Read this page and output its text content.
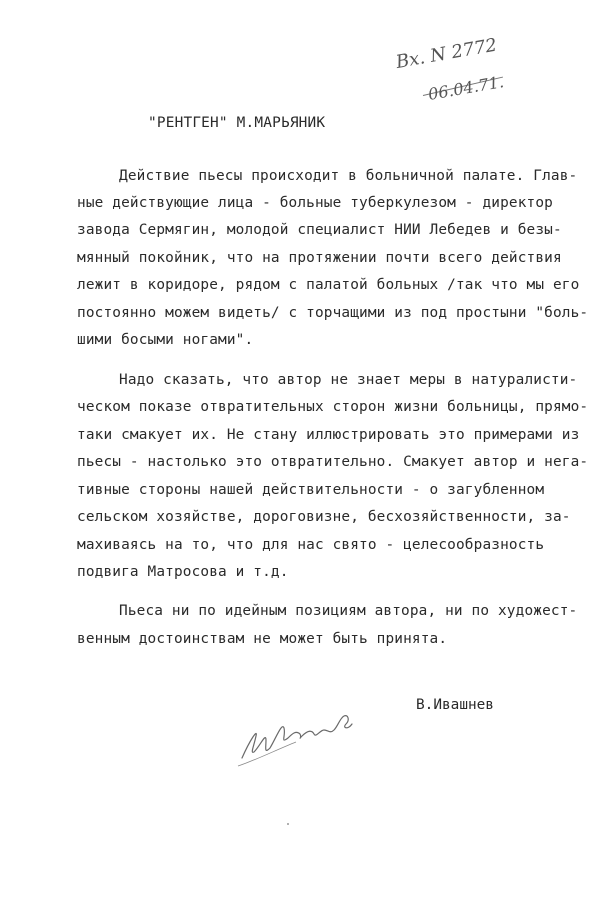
Вх. N 2772
06.04.71.
"РЕНТГЕН" М.МАРЬЯНИК
Действие пьесы происходит в больничной палате. Глав-
ные действующие лица - больные туберкулезом - директор
завода Сермягин, молодой специалист НИИ Лебедев и безы-
мянный покойник, что на протяжении почти всего действия
лежит в коридоре, рядом с палатой больных /так что мы его
постоянно можем видеть/ с торчащими из под простыни "боль-
шими босыми ногами".
Надо сказать, что автор не знает меры в натуралисти-
ческом показе отвратительных сторон жизни больницы, прямо-
таки смакует их. Не стану иллюстрировать это примерами из
пьесы - настолько это отвратительно. Смакует автор и нега-
тивные стороны нашей действительности - о загубленном
сельском хозяйстве, дороговизне, бесхозяйственности, за-
махиваясь на то, что для нас свято - целесообразность
подвига Матросова и т.д.
Пьеса ни по идейным позициям автора, ни по художест-
венным достоинствам не может быть принята.
В.Ивашнев
